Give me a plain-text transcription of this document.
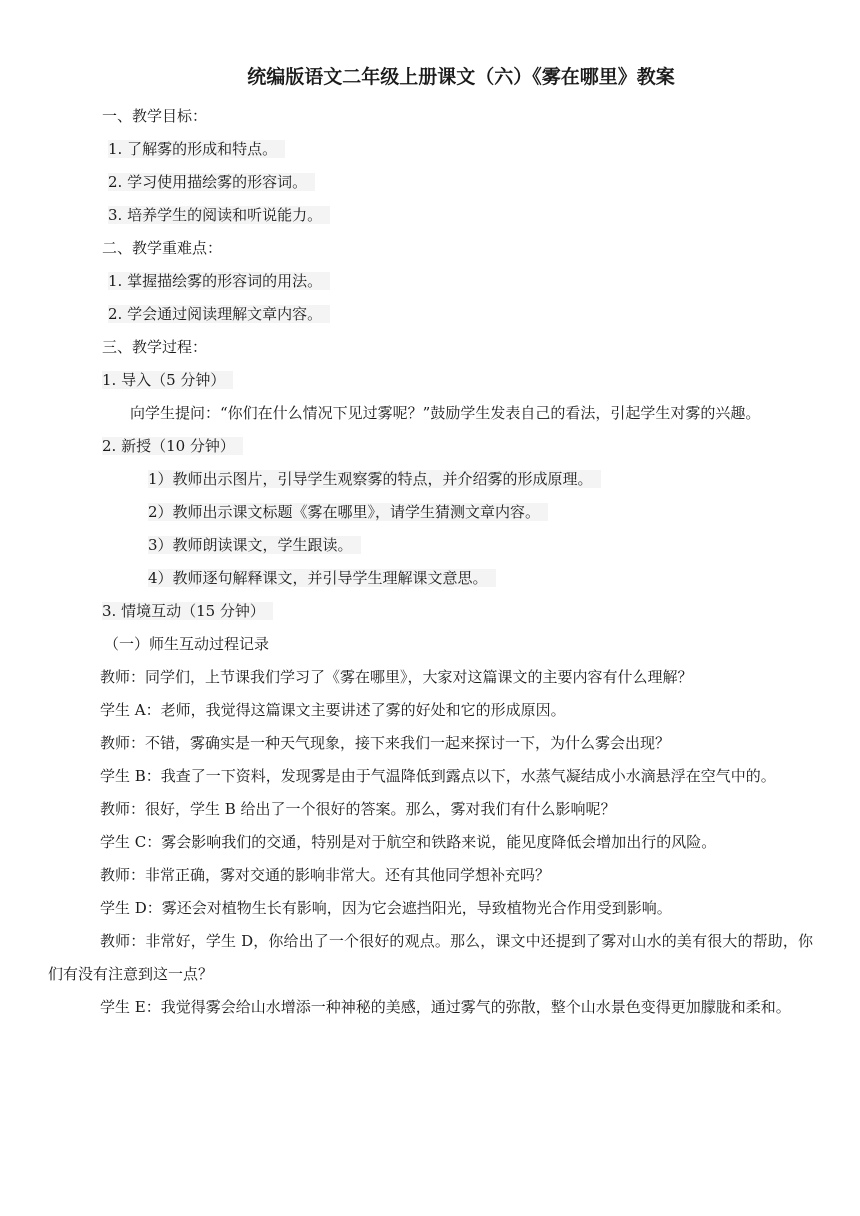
统编版语文二年级上册课文（六）《雾在哪里》教案
一、教学目标：
1. 了解雾的形成和特点。
2. 学习使用描绘雾的形容词。
3. 培养学生的阅读和听说能力。
二、教学重难点：
1. 掌握描绘雾的形容词的用法。
2. 学会通过阅读理解文章内容。
三、教学过程：
1. 导入（5 分钟）
向学生提问：“你们在什么情况下见过雾呢？”鼓励学生发表自己的看法，引起学生对雾的兴趣。
2. 新授（10 分钟）
1）教师出示图片，引导学生观察雾的特点，并介绍雾的形成原理。
2）教师出示课文标题《雾在哪里》，请学生猜测文章内容。
3）教师朗读课文，学生跟读。
4）教师逐句解释课文，并引导学生理解课文意思。
3. 情境互动（15 分钟）
（一）师生互动过程记录
教师：同学们，上节课我们学习了《雾在哪里》，大家对这篇课文的主要内容有什么理解？
学生 A：老师，我觉得这篇课文主要讲述了雾的好处和它的形成原因。
教师：不错，雾确实是一种天气现象，接下来我们一起来探讨一下，为什么雾会出现？
学生 B：我查了一下资料，发现雾是由于气温降低到露点以下，水蒸气凝结成小水滴悬浮在空气中的。
教师：很好，学生 B 给出了一个很好的答案。那么，雾对我们有什么影响呢？
学生 C：雾会影响我们的交通，特别是对于航空和铁路来说，能见度降低会增加出行的风险。
教师：非常正确，雾对交通的影响非常大。还有其他同学想补充吗？
学生 D：雾还会对植物生长有影响，因为它会遮挡阳光，导致植物光合作用受到影响。
教师：非常好，学生 D，你给出了一个很好的观点。那么，课文中还提到了雾对山水的美有很大的帮助，你们有没有注意到这一点？
学生 E：我觉得雾会给山水增添一种神秘的美感，通过雾气的弥散，整个山水景色变得更加朦胧和柔和。
